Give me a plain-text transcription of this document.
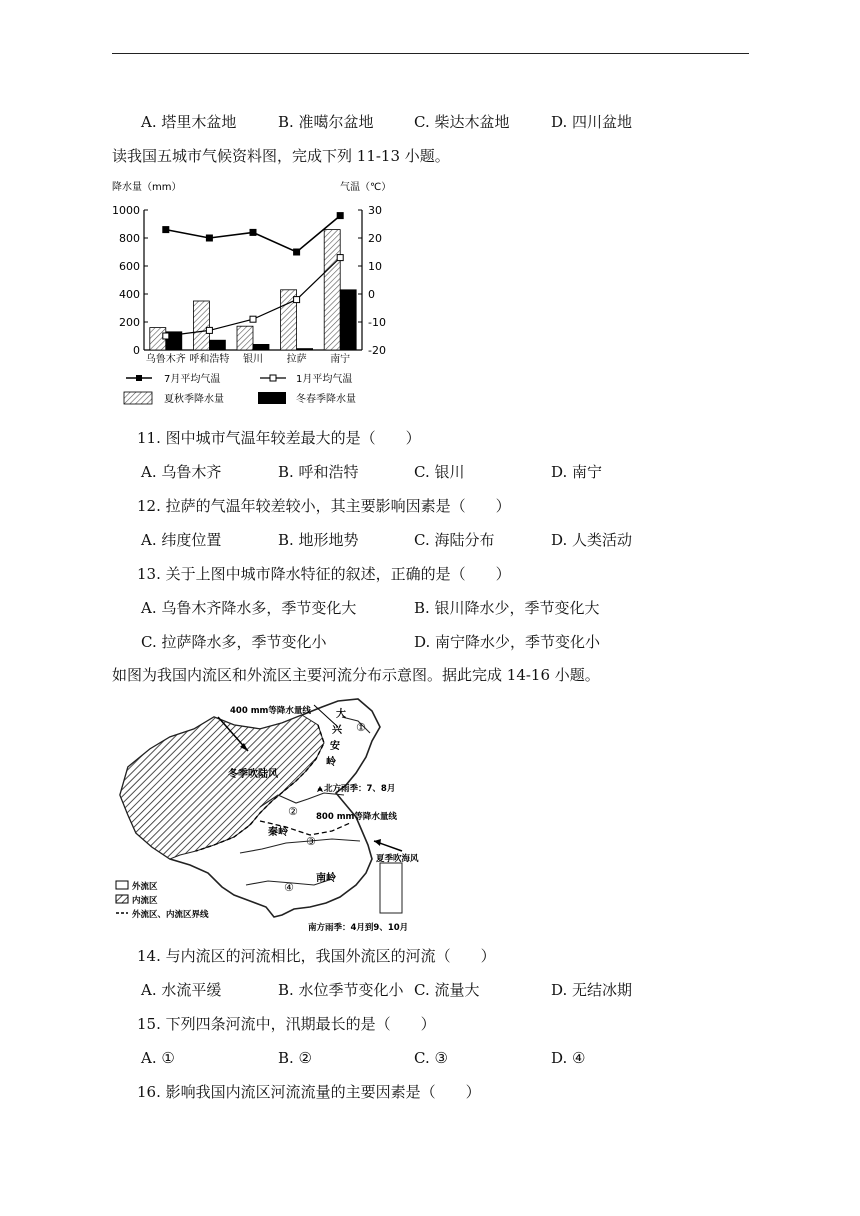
A. 塔里木盆地	B. 准噶尔盆地	C. 柴达木盆地	D. 四川盆地
读我国五城市气候资料图，完成下列 11-13 小题。
降水量（mm）	气温（℃）
0	-20
200	-10
400	0
600	10
800	20
1000	30
乌鲁木齐 呼和浩特 银川 拉萨 南宁
7月平均气温	1月平均气温
夏秋季降水量	冬春季降水量
11. 图中城市气温年较差最大的是（　　）
A. 乌鲁木齐	B. 呼和浩特	C. 银川	D. 南宁
12. 拉萨的气温年较差较小，其主要影响因素是（　　）
A. 纬度位置	B. 地形地势	C. 海陆分布	D. 人类活动
13. 关于上图中城市降水特征的叙述，正确的是（　　）
A. 乌鲁木齐降水多，季节变化大	B. 银川降水少，季节变化大
C. 拉萨降水多，季节变化小	D. 南宁降水少，季节变化小
如图为我国内流区和外流区主要河流分布示意图。据此完成 14-16 小题。
400 mm等降水量线
冬季吹陆风
大
兴
安
岭
①
北方雨季：7、8月
② 800 mm等降水量线
秦岭
③
夏季吹海风
④
南岭
南方雨季：4月到9、10月
外流区
内流区
外流区、内流区界线
14. 与内流区的河流相比，我国外流区的河流（　　）
A. 水流平缓	B. 水位季节变化小 C. 流量大	D. 无结冰期
15. 下列四条河流中，汛期最长的是（　　）
A. ①	B. ②	C. ③	D. ④
16. 影响我国内流区河流流量的主要因素是（　　）
